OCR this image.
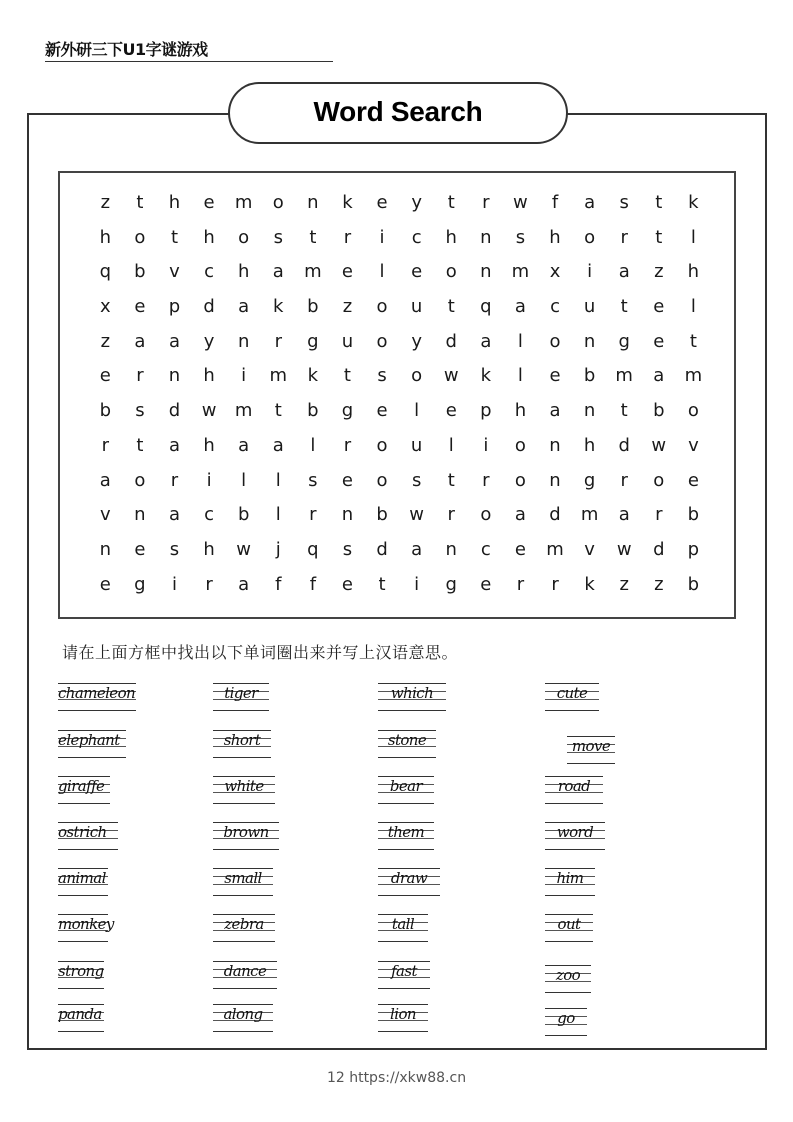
新外研三下U1字谜游戏
Word Search
z	t	h	e	m	o	n	k	e	y	t	r	w	f	a	s	t	k
h	o	t	h	o	s	t	r	i	c	h	n	s	h	o	r	t	l
q	b	v	c	h	a	m	e	l	e	o	n	m	x	i	a	z	h
x	e	p	d	a	k	b	z	o	u	t	q	a	c	u	t	e	l
z	a	a	y	n	r	g	u	o	y	d	a	l	o	n	g	e	t
e	r	n	h	i	m	k	t	s	o	w	k	l	e	b	m	a	m
b	s	d	w	m	t	b	g	e	l	e	p	h	a	n	t	b	o
r	t	a	h	a	a	l	r	o	u	l	i	o	n	h	d	w	v
a	o	r	i	l	l	s	e	o	s	t	r	o	n	g	r	o	e
v	n	a	c	b	l	r	n	b	w	r	o	a	d	m	a	r	b
n	e	s	h	w	j	q	s	d	a	n	c	e	m	v	w	d	p
e	g	i	r	a	f	f	e	t	i	g	e	r	r	k	z	z	b
请在上面方框中找出以下单词圈出来并写上汉语意思。
chameleon
elephant
giraffe
ostrich
animal
monkey
strong
panda
tiger
short
white
brown
small
zebra
dance
along
which
stone
bear
them
draw
tall
fast
lion
cute
move
road
word
him
out
zoo
go
12 https://xkw88.cn
